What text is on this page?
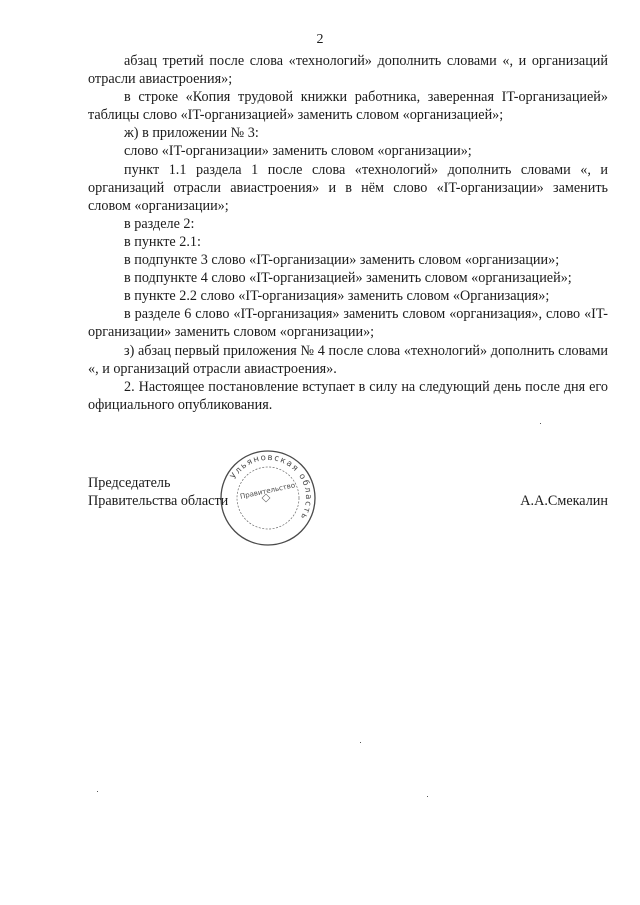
2

абзац третий после слова «технологий» дополнить словами «, и организаций отрасли авиастроения»;

в строке «Копия трудовой книжки работника, заверенная IT-организацией» таблицы слово «IT-организацией» заменить словом «организацией»;

ж) в приложении № 3:

слово «IT-организации» заменить словом «организации»;

пункт 1.1 раздела 1 после слова «технологий» дополнить словами «, и организаций отрасли авиастроения» и в нём слово «IT-организации» заменить словом «организации»;

в разделе 2:

в пункте 2.1:

в подпункте 3 слово «IT-организации» заменить словом «организации»;

в подпункте 4 слово «IT-организацией» заменить словом «организацией»;

в пункте 2.2 слово «IT-организация» заменить словом «Организация»;

в разделе 6 слово «IT-организация» заменить словом «организация», слово «IT-организации» заменить словом «организации»;

з) абзац первый приложения № 4 после слова «технологий» дополнить словами «, и организаций отрасли авиастроения».

2. Настоящее постановление вступает в силу на следующий день после дня его официального опубликования.

Председатель
Правительства области
Ульяновская область
Правительство
А.А.Смекалин
